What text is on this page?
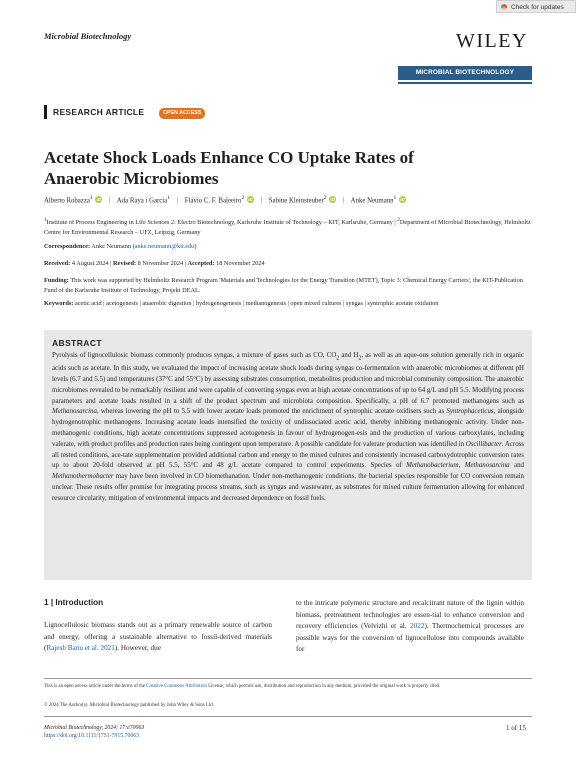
Check for updates
Microbial Biotechnology	WILEY
MICROBIAL BIOTECHNOLOGY
RESEARCH ARTICLE	OPEN ACCESS
Acetate Shock Loads Enhance CO Uptake Rates of
Anaerobic Microbiomes
Alberto Robazza$^1$ iD | Ada Raya i Garcia$^1$ | Flávio C. F. Baleeiro$^2$ iD | Sabine Kleinsteuber$^2$ iD | Anke Neumann$^1$ iD
$^1$Institute of Process Engineering in Life Sciences 2: Electro Biotechnology, Karlsruhe Institute of Technology – KIT, Karlsruhe, Germany | $^2$Department of Microbial Biotechnology, Helmholtz Centre for Environmental Research – UFZ, Leipzig, Germany
Correspondence: Anke Neumann (anke.neumann@kit.edu)
Received: 4 August 2024 | Revised: 8 November 2024 | Accepted: 18 November 2024
Funding: This work was supported by Helmholtz Research Program 'Materials and Technologies for the Energy Transition (MTET), Topic 3: Chemical Energy Carriers', the KIT-Publication Fund of the Karlsruhe Institute of Technology, Projekt DEAL.
Keywords: acetic acid | acetogenesis | anaerobic digestion | hydrogenogenesis | methanogenesis | open mixed cultures | syngas | syntrophic acetate oxidation
ABSTRACT
Pyrolysis of lignocellulosic biomass commonly produces syngas, a mixture of gases such as CO, $CO_2$ and $H_2$, as well as an aque-ous solution generally rich in organic acids such as acetate. In this study, we evaluated the impact of increasing acetate shock loads during syngas co-fermentation with anaerobic microbiomes at different pH levels (6.7 and 5.5) and temperatures (37°C and 55°C) by assessing substrates consumption, metabolites production and microbial community composition. The anaerobic microbiomes revealed to be remarkably resilient and were capable of converting syngas even at high acetate concentrations of up to 64 g/L and pH 5.5. Modifying process parameters and acetate loads resulted in a shift of the product spectrum and microbiota composition. Specifically, a pH of 6.7 promoted methanogens such as Methanosarcina, whereas lowering the pH to 5.5 with lower acetate loads promoted the enrichment of syntrophic acetate oxidisers such as Syntrophaceticus, alongside hydrogenotrophic methanogens. Increasing acetate loads intensified the toxicity of undissociated acetic acid, thereby inhibiting methanogenic activity. Under non-methanogenic conditions, high acetate concentrations suppressed acetogenesis in favour of hydrogenogen-esis and the production of various carboxylates, including valerate, with product profiles and production rates being contingent upon temperature. A possible candidate for valerate production was identified in Oscillibacter. Across all tested conditions, ace-tate supplementation provided additional carbon and energy to the mixed cultures and consistently increased carboxydotrophic conversion rates up to about 20-fold observed at pH 5.5, 55°C and 48 g/L acetate compared to control experiments. Species of Methanobacterium, Methanosarcina and Methanothermobacter may have been involved in CO biomethanation. Under non-methanogenic conditions, the bacterial species responsible for CO conversion remain unclear. These results offer promise for integrating process streams, such as syngas and wastewater, as substrates for mixed culture fermentation allowing for enhanced resource circularity, mitigation of environmental impacts and decreased dependence on fossil fuels.
1 | Introduction
Lignocellulosic biomass stands out as a primary renewable source of carbon and energy, offering a sustainable alternative to fossil-derived materials (Rajesh Banu et al. 2021). However, due
to the intricate polymeric structure and recalcitrant nature of the lignin within biomass, pretreatment technologies are essen-tial to enhance conversion and recovery efficiencies (Velvizhi et al. 2022). Thermochemical processes are possible ways for the conversion of lignocellulose into compounds available for
This is an open access article under the terms of the Creative Commons Attribution License, which permits use, distribution and reproduction in any medium, provided the original work is properly cited.
© 2024 The Author(s). Microbial Biotechnology published by John Wiley & Sons Ltd.
Microbial Biotechnology, 2024; 17:e70063
https://doi.org/10.1111/1751-7915.70063
1 of 15
